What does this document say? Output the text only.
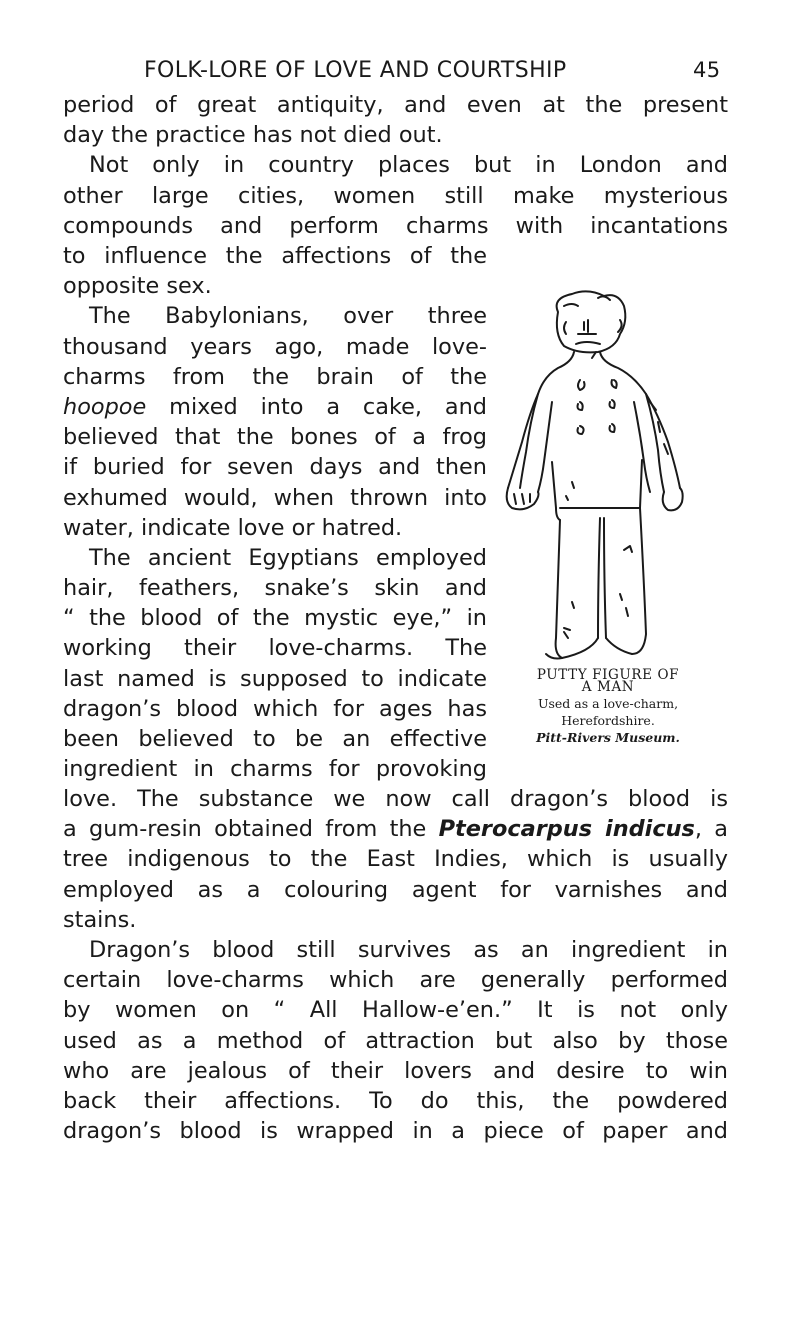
FOLK-LORE OF LOVE AND COURTSHIP	45
period of great antiquity, and even at the present
day the practice has not died out.
Not only in country places but in London and
other large cities, women still make mysterious
compounds and perform charms with incantations
to influence the affections of the
opposite sex.
The Babylonians, over three
thousand years ago, made love-
charms from the brain of the
hoopoe mixed into a cake, and
believed that the bones of a frog
if buried for seven days and then
exhumed would, when thrown into
water, indicate love or hatred.
The ancient Egyptians employed
hair, feathers, snake’s skin and
“ the blood of the mystic eye,” in
working their love-charms. The
last named is supposed to indicate
dragon’s blood which for ages has
been believed to be an effective
ingredient in charms for provoking
love. The substance we now call dragon’s blood is
a gum-resin obtained from the Pterocarpus indicus, a
tree indigenous to the East Indies, which is usually
employed as a colouring agent for varnishes and
stains.
Dragon’s blood still survives as an ingredient in
certain love-charms which are generally performed
by women on “ All Hallow-e’en.” It is not only
used as a method of attraction but also by those
who are jealous of their lovers and desire to win
back their affections. To do this, the powdered
dragon’s blood is wrapped in a piece of paper and
PUTTY FIGURE OF
A MAN
Used as a love-charm,
Herefordshire.
Pitt-Rivers Museum.
